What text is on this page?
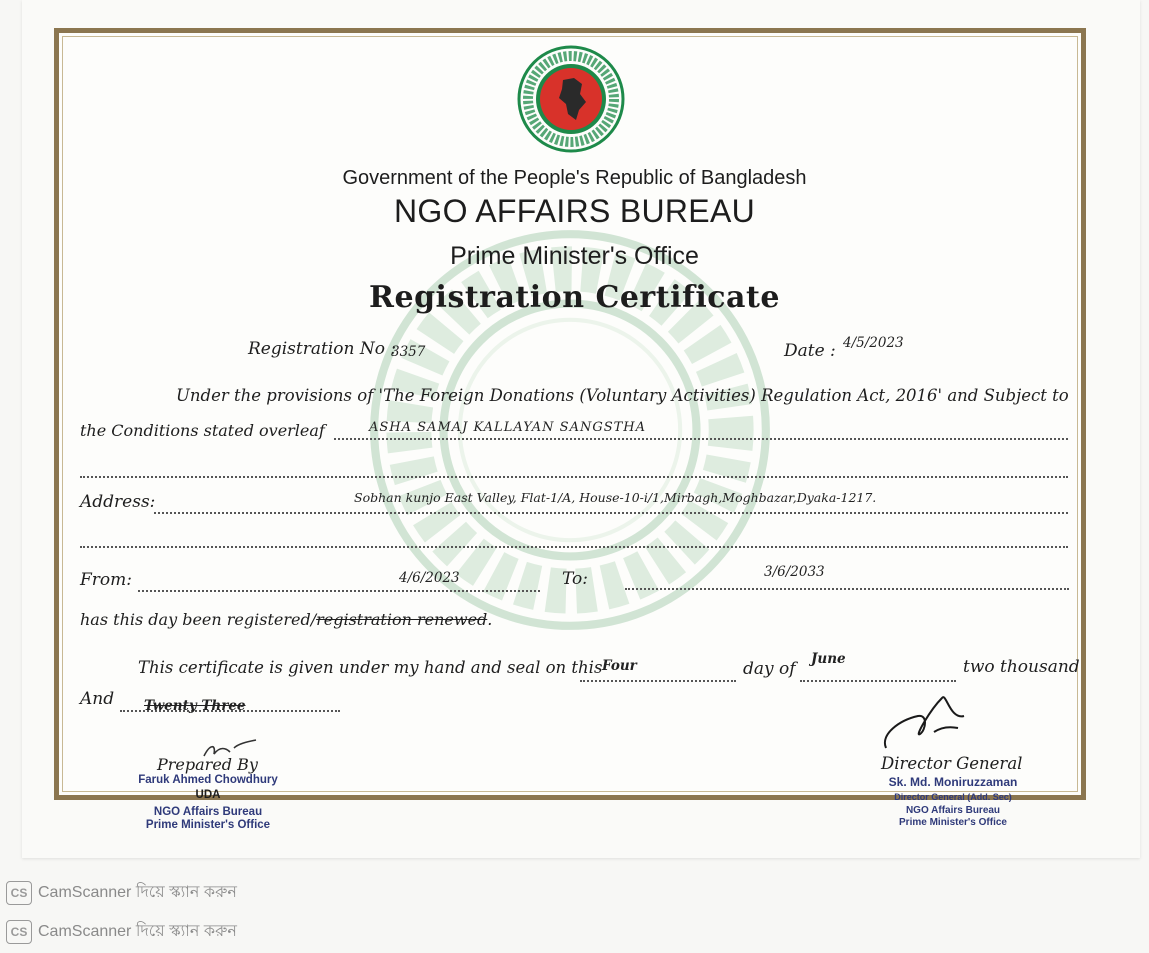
Government of the People's Republic of Bangladesh
NGO AFFAIRS BUREAU
Prime Minister's Office
Registration Certificate
Registration No :
3357	Date : 4/5/2023
Under the provisions of 'The Foreign Donations (Voluntary Activities) Regulation Act, 2016' and Subject to
the Conditions stated overleaf	ASHA SAMAJ KALLAYAN SANGSTHA
Address:	Sobhan kunjo East Valley, Flat-1/A, House-10-i/1,Mirbagh,Moghbazar,Dyaka-1217.
From:	4/6/2023	To:	3/6/2033
has this day been registered/registration renewed.
This certificate is given under my hand and seal on this Four	day of June	two thousand
And Twenty Three
Prepared By
Faruk Ahmed Chowdhury
UDA
NGO Affairs Bureau
Prime Minister's Office
Director General
Sk. Md. Moniruzzaman
Director General (Add. Sec)
NGO Affairs Bureau
Prime Minister's Office
CS CamScanner দিয়ে স্ক্যান করুন
CS CamScanner দিয়ে স্ক্যান করুন
